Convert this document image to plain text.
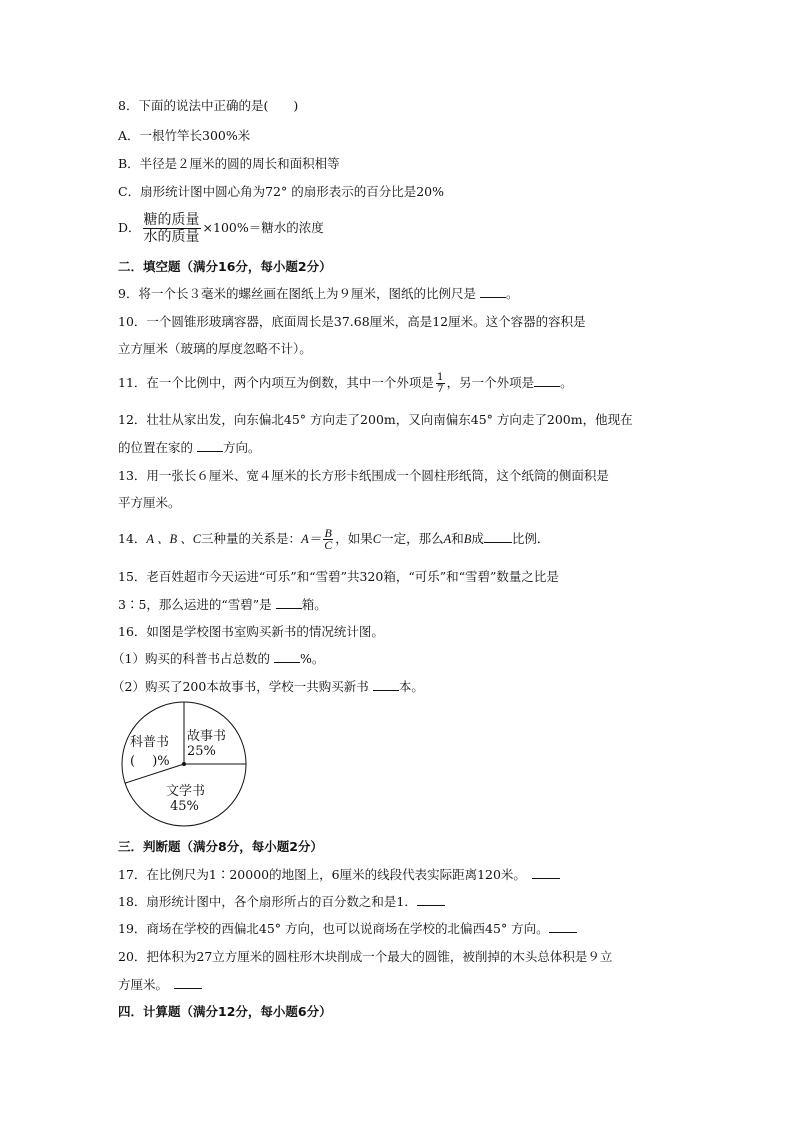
8．下面的说法中正确的是(　　)
A．一根竹竿长300%米
B．半径是２厘米的圆的周长和面积相等
C．扇形统计图中圆心角为72° 的扇形表示的百分比是20%
D． $\frac{\text{糖的质量}}{\text{水的质量}} \times 100\%=$糖水的浓度
二．填空题（满分16分，每小题2分）
9．将一个长３毫米的螺丝画在图纸上为９厘米，图纸的比例尺是 。
10．一个圆锥形玻璃容器，底面周长是37.68厘米，高是12厘米。这个容器的容积是
立方厘米（玻璃的厚度忽略不计）。
11．在一个比例中，两个内项互为倒数，其中一个外项是 $\frac{1}{7}$ ，另一个外项是 。
12．壮壮从家出发，向东偏北45° 方向走了200m，又向南偏东45° 方向走了200m，他现在
的位置在家的 方向。
13．用一张长６厘米、宽４厘米的长方形卡纸围成一个圆柱形纸筒，这个纸筒的侧面积是
平方厘米。
14．A 、B 、C三种量的关系是：$A= \frac{B}{C}$ ，如果C一定，那么A和B成 比例．
15．老百姓超市今天运进“可乐”和“雪碧”共320箱，“可乐”和“雪碧”数量之比是
3∶5，那么运进的“雪碧”是 箱。
16．如图是学校图书室购买新书的情况统计图。
（1）购买的科普书占总数的 %。
（2）购买了200本故事书，学校一共购买新书 本。
科普书
(　 )%
故事书
25%
文学书
45%
三．判断题（满分8分，每小题2分）
17．在比例尺为1∶20000的地图上，6厘米的线段代表实际距离120米。
18．扇形统计图中，各个扇形所占的百分数之和是1．
19．商场在学校的西偏北45° 方向，也可以说商场在学校的北偏西45° 方向。
20．把体积为27立方厘米的圆柱形木块削成一个最大的圆锥，被削掉的木头总体积是９立
方厘米。
四．计算题（满分12分，每小题6分）
